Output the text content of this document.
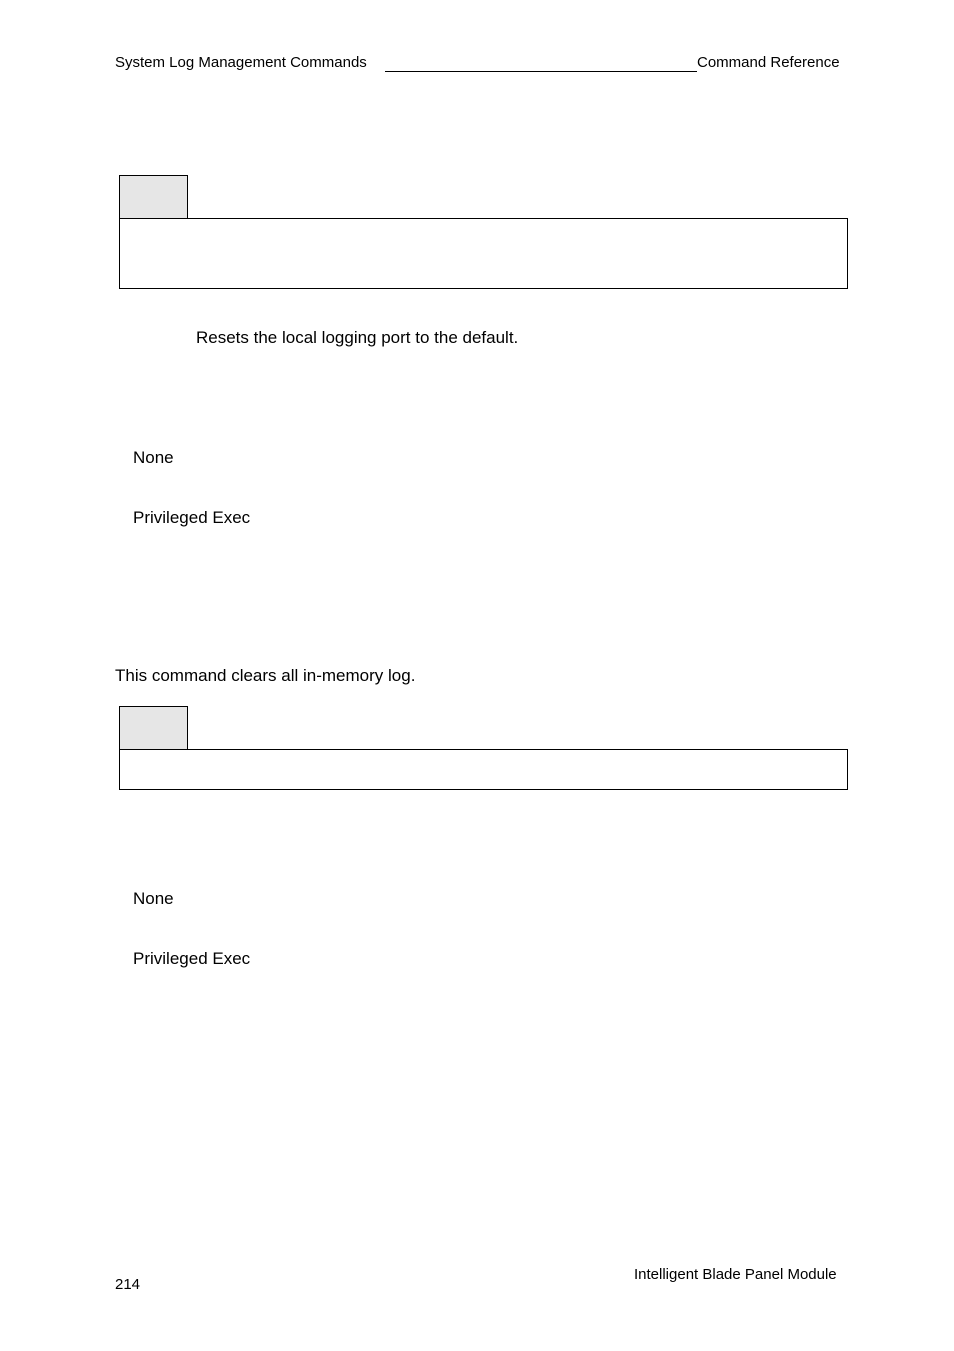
System Log Management Commands	Command Reference
Resets the local logging port to the default.
None
Privileged Exec
This command clears all in-memory log.
None
Privileged Exec
214
Intelligent Blade Panel Module
